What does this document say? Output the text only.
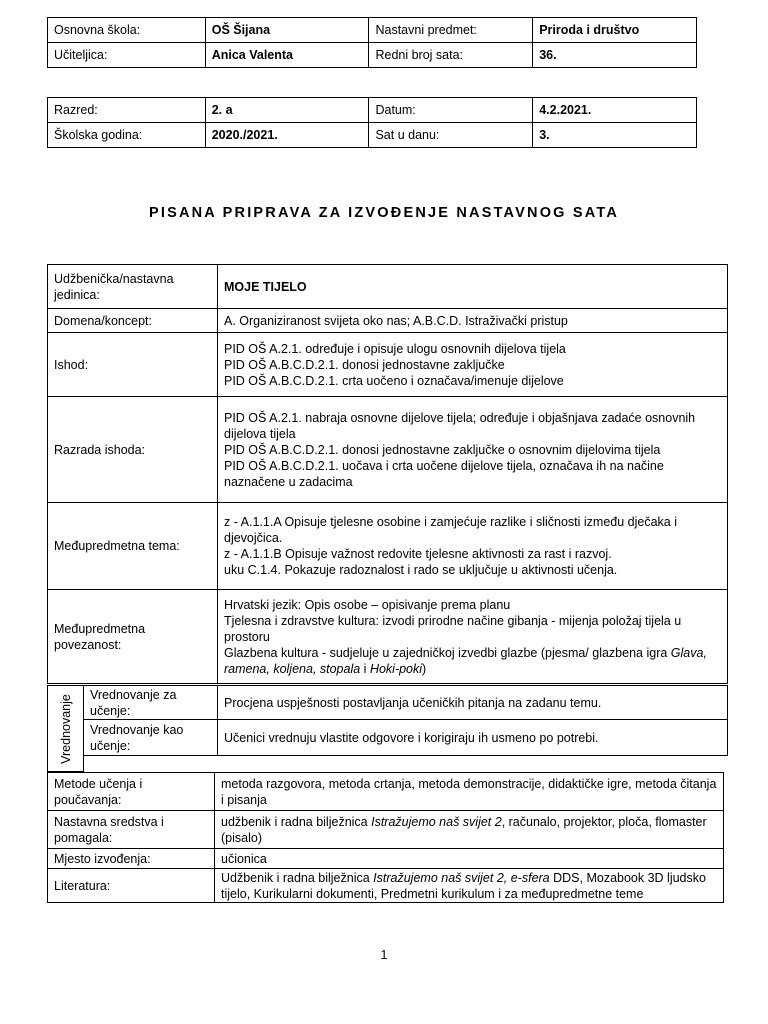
Osnovna škola:	OŠ Šijana	Nastavni predmet:	Priroda i društvo
Učiteljica:	Anica Valenta	Redni broj sata:	36.
Razred:	2. a	Datum:	4.2.2021.
Školska godina:	2020./2021.	Sat u danu:	3.
PISANA PRIPRAVA ZA IZVOĐENJE NASTAVNOG SATA
Udžbenička/nastavna jedinica:	MOJE TIJELO
Domena/koncept:	A. Organiziranost svijeta oko nas; A.B.C.D. Istraživački pristup
Ishod:	PID OŠ A.2.1. određuje i opisuje ulogu osnovnih dijelova tijela
PID OŠ A.B.C.D.2.1. donosi jednostavne zaključke
PID OŠ A.B.C.D.2.1. crta uočeno i označava/imenuje dijelove

Razrada ishoda:	PID OŠ A.2.1. nabraja osnovne dijelove tijela; određuje i objašnjava zadaće osnovnih dijelova tijela
PID OŠ A.B.C.D.2.1. donosi jednostavne zaključke o osnovnim dijelovima tijela
PID OŠ A.B.C.D.2.1. uočava i crta uočene dijelove tijela, označava ih na načine naznačene u zadacima

Međupredmetna tema:	z - A.1.1.A Opisuje tjelesne osobine i zamjećuje razlike i sličnosti između dječaka i djevojčica.
z - A.1.1.B Opisuje važnost redovite tjelesne aktivnosti za rast i razvoj.
uku C.1.4. Pokazuje radoznalost i rado se uključuje u aktivnosti učenja.

Međupredmetna povezanost:	Hrvatski jezik: Opis osobe – opisivanje prema planu
Tjelesna i zdravstve kultura: izvodi prirodne načine gibanja - mijenja položaj tijela u prostoru
Glazbena kultura - sudjeluje u zajedničkoj izvedbi glazbe (pjesma/ glazbena igra Glava, ramena, koljena, stopala i Hoki-poki)
Vrednovanje	Vrednovanje za učenje:	Procjena uspješnosti postavljanja učeničkih pitanja na zadanu temu.
	Vrednovanje kao učenje:	Učenici vrednuju vlastite odgovore i korigiraju ih usmeno po potrebi.

Metode učenja i poučavanja:	metoda razgovora, metoda crtanja, metoda demonstracije, didaktičke igre, metoda čitanja i pisanja
Nastavna sredstva i pomagala:	udžbenik i radna bilježnica Istražujemo naš svijet 2, računalo, projektor, ploča, flomaster (pisalo)
Mjesto izvođenja:	učionica
Literatura:	Udžbenik i radna bilježnica Istražujemo naš svijet 2, e-sfera DDS, Mozabook 3D ljudsko tijelo, Kurikularni dokumenti, Predmetni kurikulum i za međupredmetne teme
1
